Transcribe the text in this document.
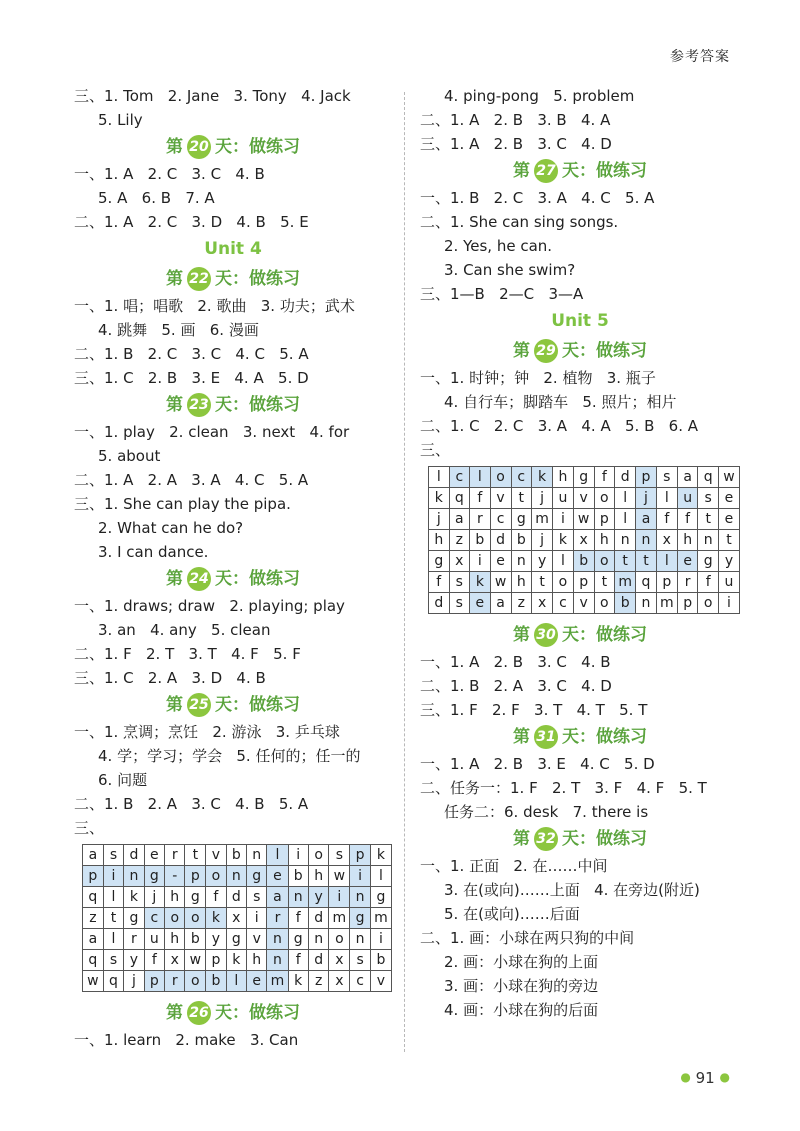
参考答案
三、1. Tom   2. Jane   3. Tony   4. Jack
5. Lily
第 20 天：做练习
一、1. A   2. C   3. C   4. B
5. A   6. B   7. A
二、1. A   2. C   3. D   4. B   5. E
Unit 4
第 22 天：做练习
一、1. 唱；唱歌   2. 歌曲   3. 功夫；武术
4. 跳舞   5. 画   6. 漫画
二、1. B   2. C   3. C   4. C   5. A
三、1. C   2. B   3. E   4. A   5. D
第 23 天：做练习
一、1. play   2. clean   3. next   4. for
5. about
二、1. A   2. A   3. A   4. C   5. A
三、1. She can play the pipa.
2. What can he do?
3. I can dance.
第 24 天：做练习
一、1. draws; draw   2. playing; play
3. an   4. any   5. clean
二、1. F   2. T   3. T   4. F   5. F
三、1. C   2. A   3. D   4. B
第 25 天：做练习
一、1. 烹调；烹饪   2. 游泳   3. 乒乓球
4. 学；学习；学会   5. 任何的；任一的
6. 问题
二、1. B   2. A   3. C   4. B   5. A
三、
a	s	d	e	r	t	v	b	n	l	i	o	s	p	k
p	i	n	g	-	p	o	n	g	e	b	h	w	i	l
q	l	k	j	h	g	f	d	s	a	n	y	i	n	g
z	t	g	c	o	o	k	x	i	r	f	d	m	g	m
a	l	r	u	h	b	y	g	v	n	g	n	o	n	i
q	s	y	f	x	w	p	k	h	n	f	d	x	s	b
w	q	j	p	r	o	b	l	e	m	k	z	x	c	v
第 26 天：做练习
一、1. learn   2. make   3. Can
4. ping-pong   5. problem
二、1. A   2. B   3. B   4. A
三、1. A   2. B   3. C   4. D
第 27 天：做练习
一、1. B   2. C   3. A   4. C   5. A
二、1. She can sing songs.
2. Yes, he can.
3. Can she swim?
三、1—B   2—C   3—A
Unit 5
第 29 天：做练习
一、1. 时钟；钟   2. 植物   3. 瓶子
4. 自行车；脚踏车   5. 照片；相片
二、1. C   2. C   3. A   4. A   5. B   6. A
三、
l	c	l	o	c	k	h	g	f	d	p	s	a	q	w
k	q	f	v	t	j	u	v	o	l	j	l	u	s	e
j	a	r	c	g	m	i	w	p	l	a	f	f	t	e
h	z	b	d	b	j	k	x	h	n	n	x	h	n	t
g	x	i	e	n	y	l	b	o	t	t	l	e	g	y
f	s	k	w	h	t	o	p	t	m	q	p	r	f	u
d	s	e	a	z	x	c	v	o	b	n	m	p	o	i
第 30 天：做练习
一、1. A   2. B   3. C   4. B
二、1. B   2. A   3. C   4. D
三、1. F   2. F   3. T   4. T   5. T
第 31 天：做练习
一、1. A   2. B   3. E   4. C   5. D
二、任务一：1. F   2. T   3. F   4. F   5. T
任务二：6. desk   7. there is
第 32 天：做练习
一、1. 正面   2. 在……中间
3. 在(或向)……上面   4. 在旁边(附近)
5. 在(或向)……后面
二、1. 画：小球在两只狗的中间
2. 画：小球在狗的上面
3. 画：小球在狗的旁边
4. 画：小球在狗的后面
● 91 ●
